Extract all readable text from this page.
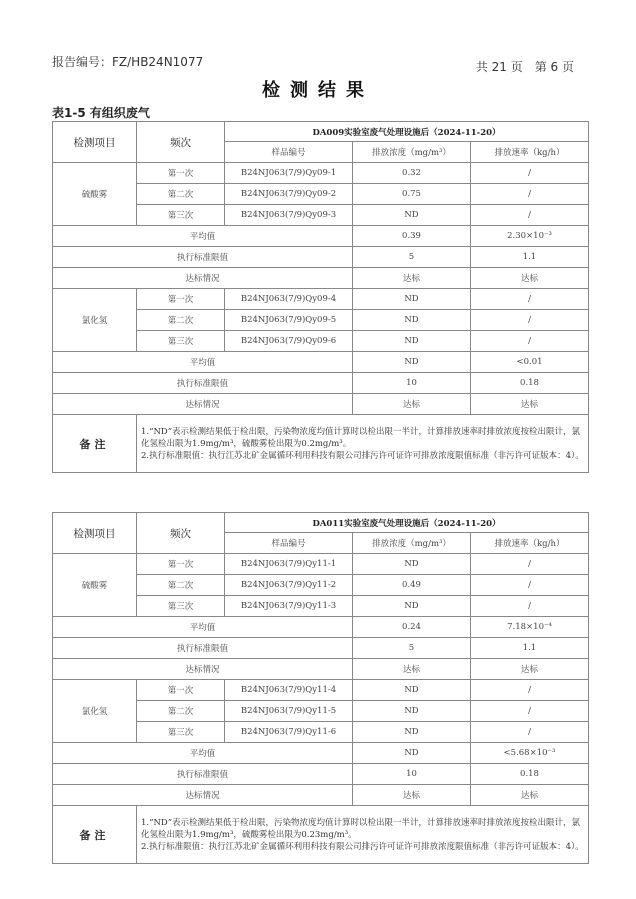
报告编号：FZ/HB24N1077	共 21 页　第 6 页
检测结果
表1-5 有组织废气
检测项目	频次	DA009实验室废气处理设施后（2024-11-20）		
		样品编号	排放浓度（mg/m³）	排放速率（kg/h）
硫酸雾	第一次	B24NJ063(7/9)Qy09-1	0.32	/
	第二次	B24NJ063(7/9)Qy09-2	0.75	/
	第三次	B24NJ063(7/9)Qy09-3	ND	/
平均值			0.39	2.30×10⁻³
执行标准限值			5	1.1
达标情况			达标	达标
氯化氢	第一次	B24NJ063(7/9)Qy09-4	ND	/
	第二次	B24NJ063(7/9)Qy09-5	ND	/
	第三次	B24NJ063(7/9)Qy09-6	ND	/
平均值			ND	<0.01
执行标准限值			10	0.18
达标情况			达标	达标
备注	1.“ND”表示检测结果低于检出限，污染物浓度均值计算时以检出限一半计，计算排放速率时排放浓度按检出限计，氯化氢检出限为1.9mg/m³，硫酸雾检出限为0.2mg/m³。
2.执行标准限值：执行江苏北矿金属循环利用科技有限公司排污许可证许可排放浓度限值标准（非污许可证版本：4）。			
检测项目	频次	DA011实验室废气处理设施后（2024-11-20）		
		样品编号	排放浓度（mg/m³）	排放速率（kg/h）
硫酸雾	第一次	B24NJ063(7/9)Qy11-1	ND	/
	第二次	B24NJ063(7/9)Qy11-2	0.49	/
	第三次	B24NJ063(7/9)Qy11-3	ND	/
平均值			0.24	7.18×10⁻⁴
执行标准限值			5	1.1
达标情况			达标	达标
氯化氢	第一次	B24NJ063(7/9)Qy11-4	ND	/
	第二次	B24NJ063(7/9)Qy11-5	ND	/
	第三次	B24NJ063(7/9)Qy11-6	ND	/
平均值			ND	<5.68×10⁻³
执行标准限值			10	0.18
达标情况			达标	达标
备注	1.“ND”表示检测结果低于检出限，污染物浓度均值计算时以检出限一半计，计算排放速率时排放浓度按检出限计，氯化氢检出限为1.9mg/m³，硫酸雾检出限为0.23mg/m³。
2.执行标准限值：执行江苏北矿金属循环利用科技有限公司排污许可证许可排放浓度限值标准（非污许可证版本：4）。			
